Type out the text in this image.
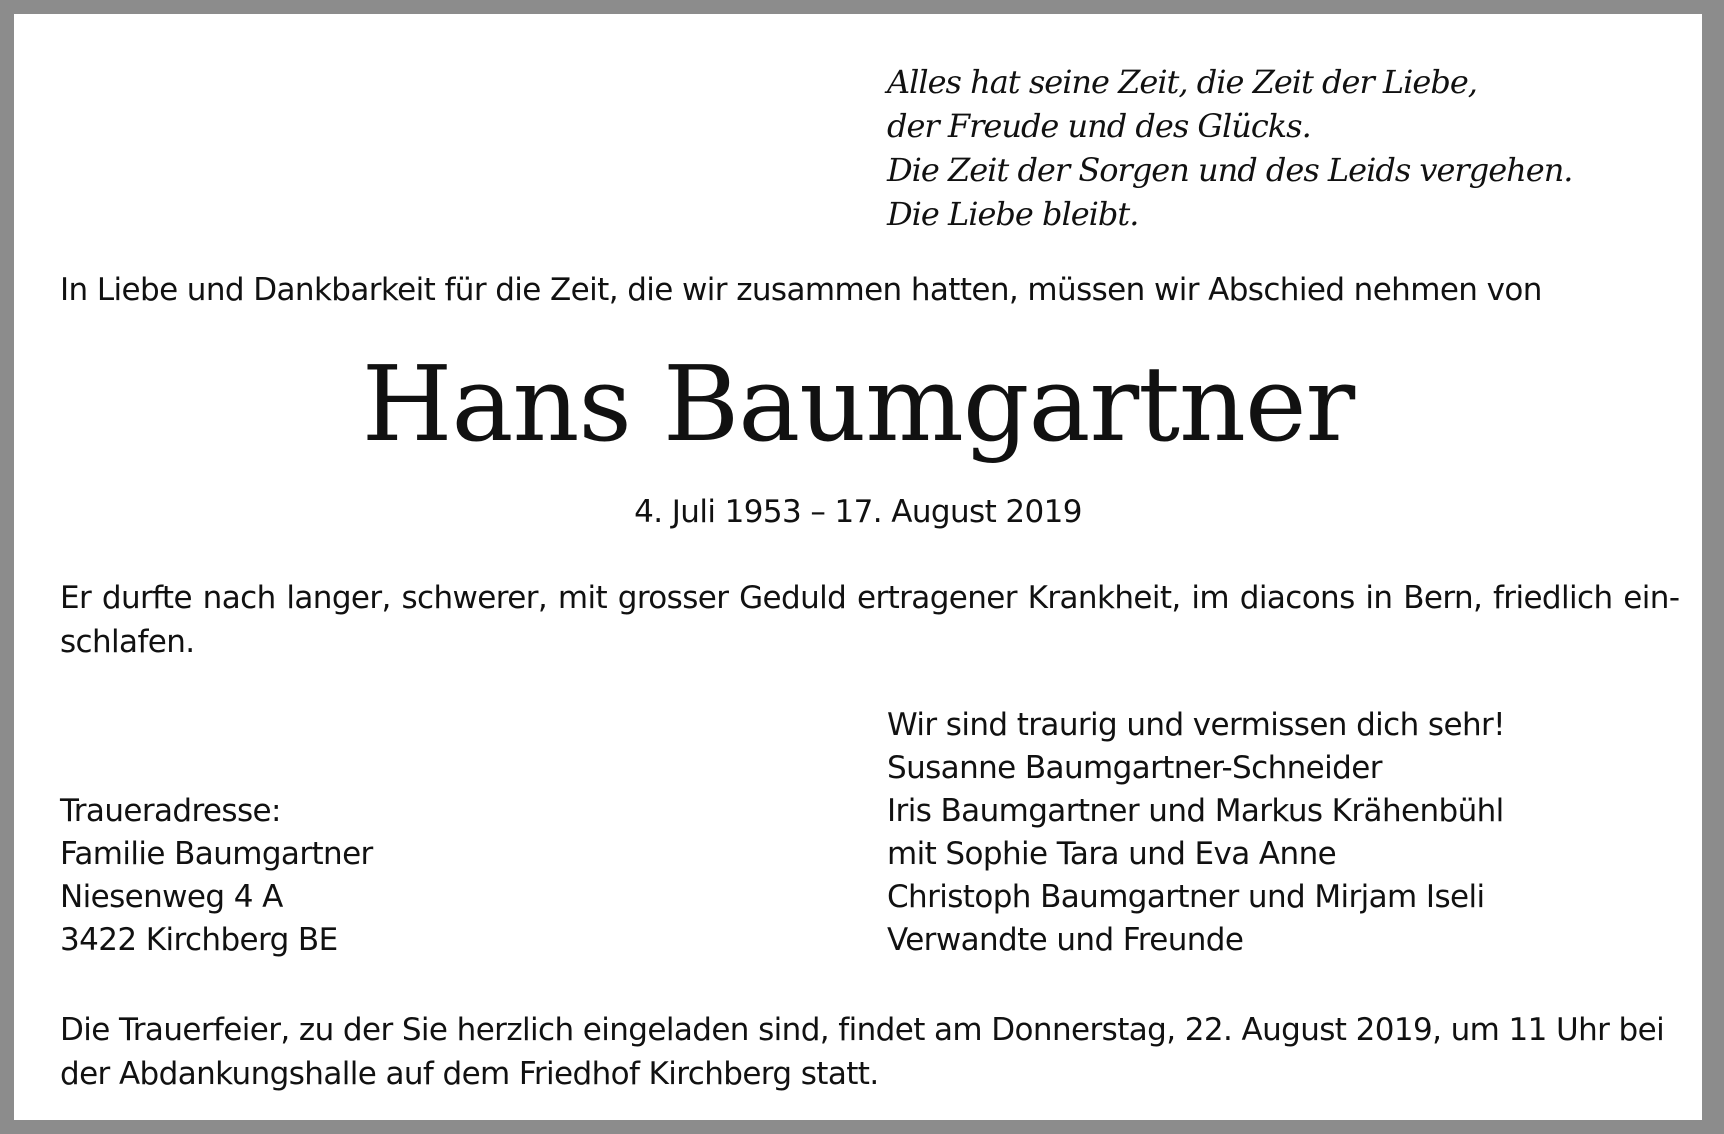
Alles hat seine Zeit, die Zeit der Liebe,
der Freude und des Glücks.
Die Zeit der Sorgen und des Leids vergehen.
Die Liebe bleibt.
In Liebe und Dankbarkeit für die Zeit, die wir zusammen hatten, müssen wir Abschied nehmen von
Hans Baumgartner
4. Juli 1953 – 17. August 2019
Er durfte nach langer, schwerer, mit grosser Geduld ertragener Krankheit, im diacons in Bern, friedlich einschlafen.
Traueradresse:
Familie Baumgartner
Niesenweg 4 A
3422 Kirchberg BE
Wir sind traurig und vermissen dich sehr!
Susanne Baumgartner-Schneider
Iris Baumgartner und Markus Krähenbühl
mit Sophie Tara und Eva Anne
Christoph Baumgartner und Mirjam Iseli
Verwandte und Freunde
Die Trauerfeier, zu der Sie herzlich eingeladen sind, findet am Donnerstag, 22. August 2019, um 11 Uhr bei der Abdankungshalle auf dem Friedhof Kirchberg statt.
